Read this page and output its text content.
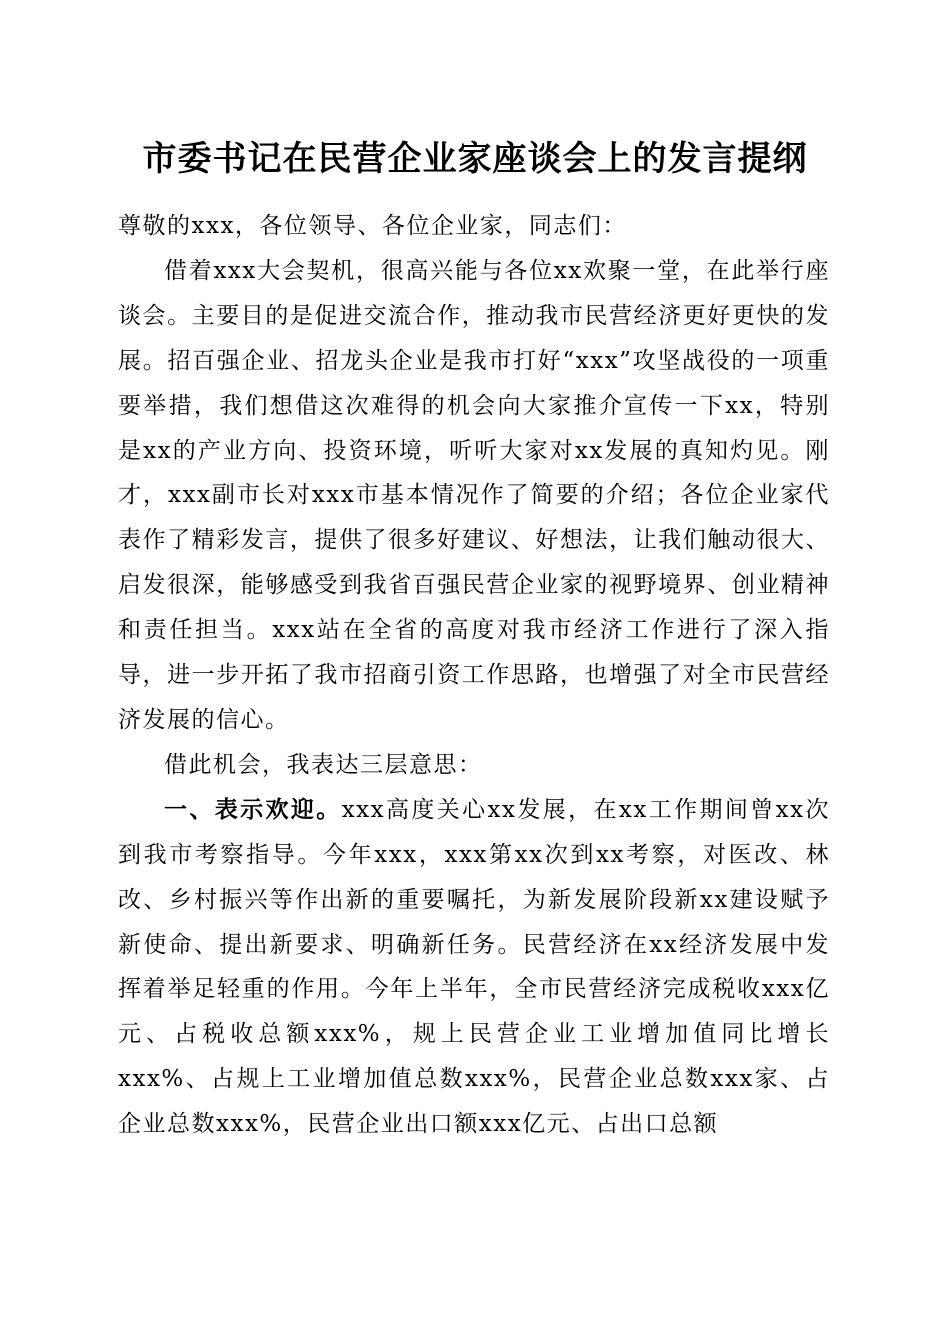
市委书记在民营企业家座谈会上的发言提纲

尊敬的xxx，各位领导、各位企业家，同志们：

借着xxx大会契机，很高兴能与各位xx欢聚一堂，在此举行座谈会。主要目的是促进交流合作，推动我市民营经济更好更快的发展。招百强企业、招龙头企业是我市打好“xxx”攻坚战役的一项重要举措，我们想借这次难得的机会向大家推介宣传一下xx，特别是xx的产业方向、投资环境，听听大家对xx发展的真知灼见。刚才，xxx副市长对xxx市基本情况作了简要的介绍；各位企业家代表作了精彩发言，提供了很多好建议、好想法，让我们触动很大、启发很深，能够感受到我省百强民营企业家的视野境界、创业精神和责任担当。xxx站在全省的高度对我市经济工作进行了深入指导，进一步开拓了我市招商引资工作思路，也增强了对全市民营经济发展的信心。

借此机会，我表达三层意思：

一、表示欢迎。xxx高度关心xx发展，在xx工作期间曾xx次到我市考察指导。今年xxx，xxx第xx次到xx考察，对医改、林改、乡村振兴等作出新的重要嘱托，为新发展阶段新xx建设赋予新使命、提出新要求、明确新任务。民营经济在xx经济发展中发挥着举足轻重的作用。今年上半年，全市民营经济完成税收xxx亿元、占税收总额xxx%，规上民营企业工业增加值同比增长xxx%、占规上工业增加值总数xxx%，民营企业总数xxx家、占企业总数xxx%，民营企业出口额xxx亿元、占出口总额
